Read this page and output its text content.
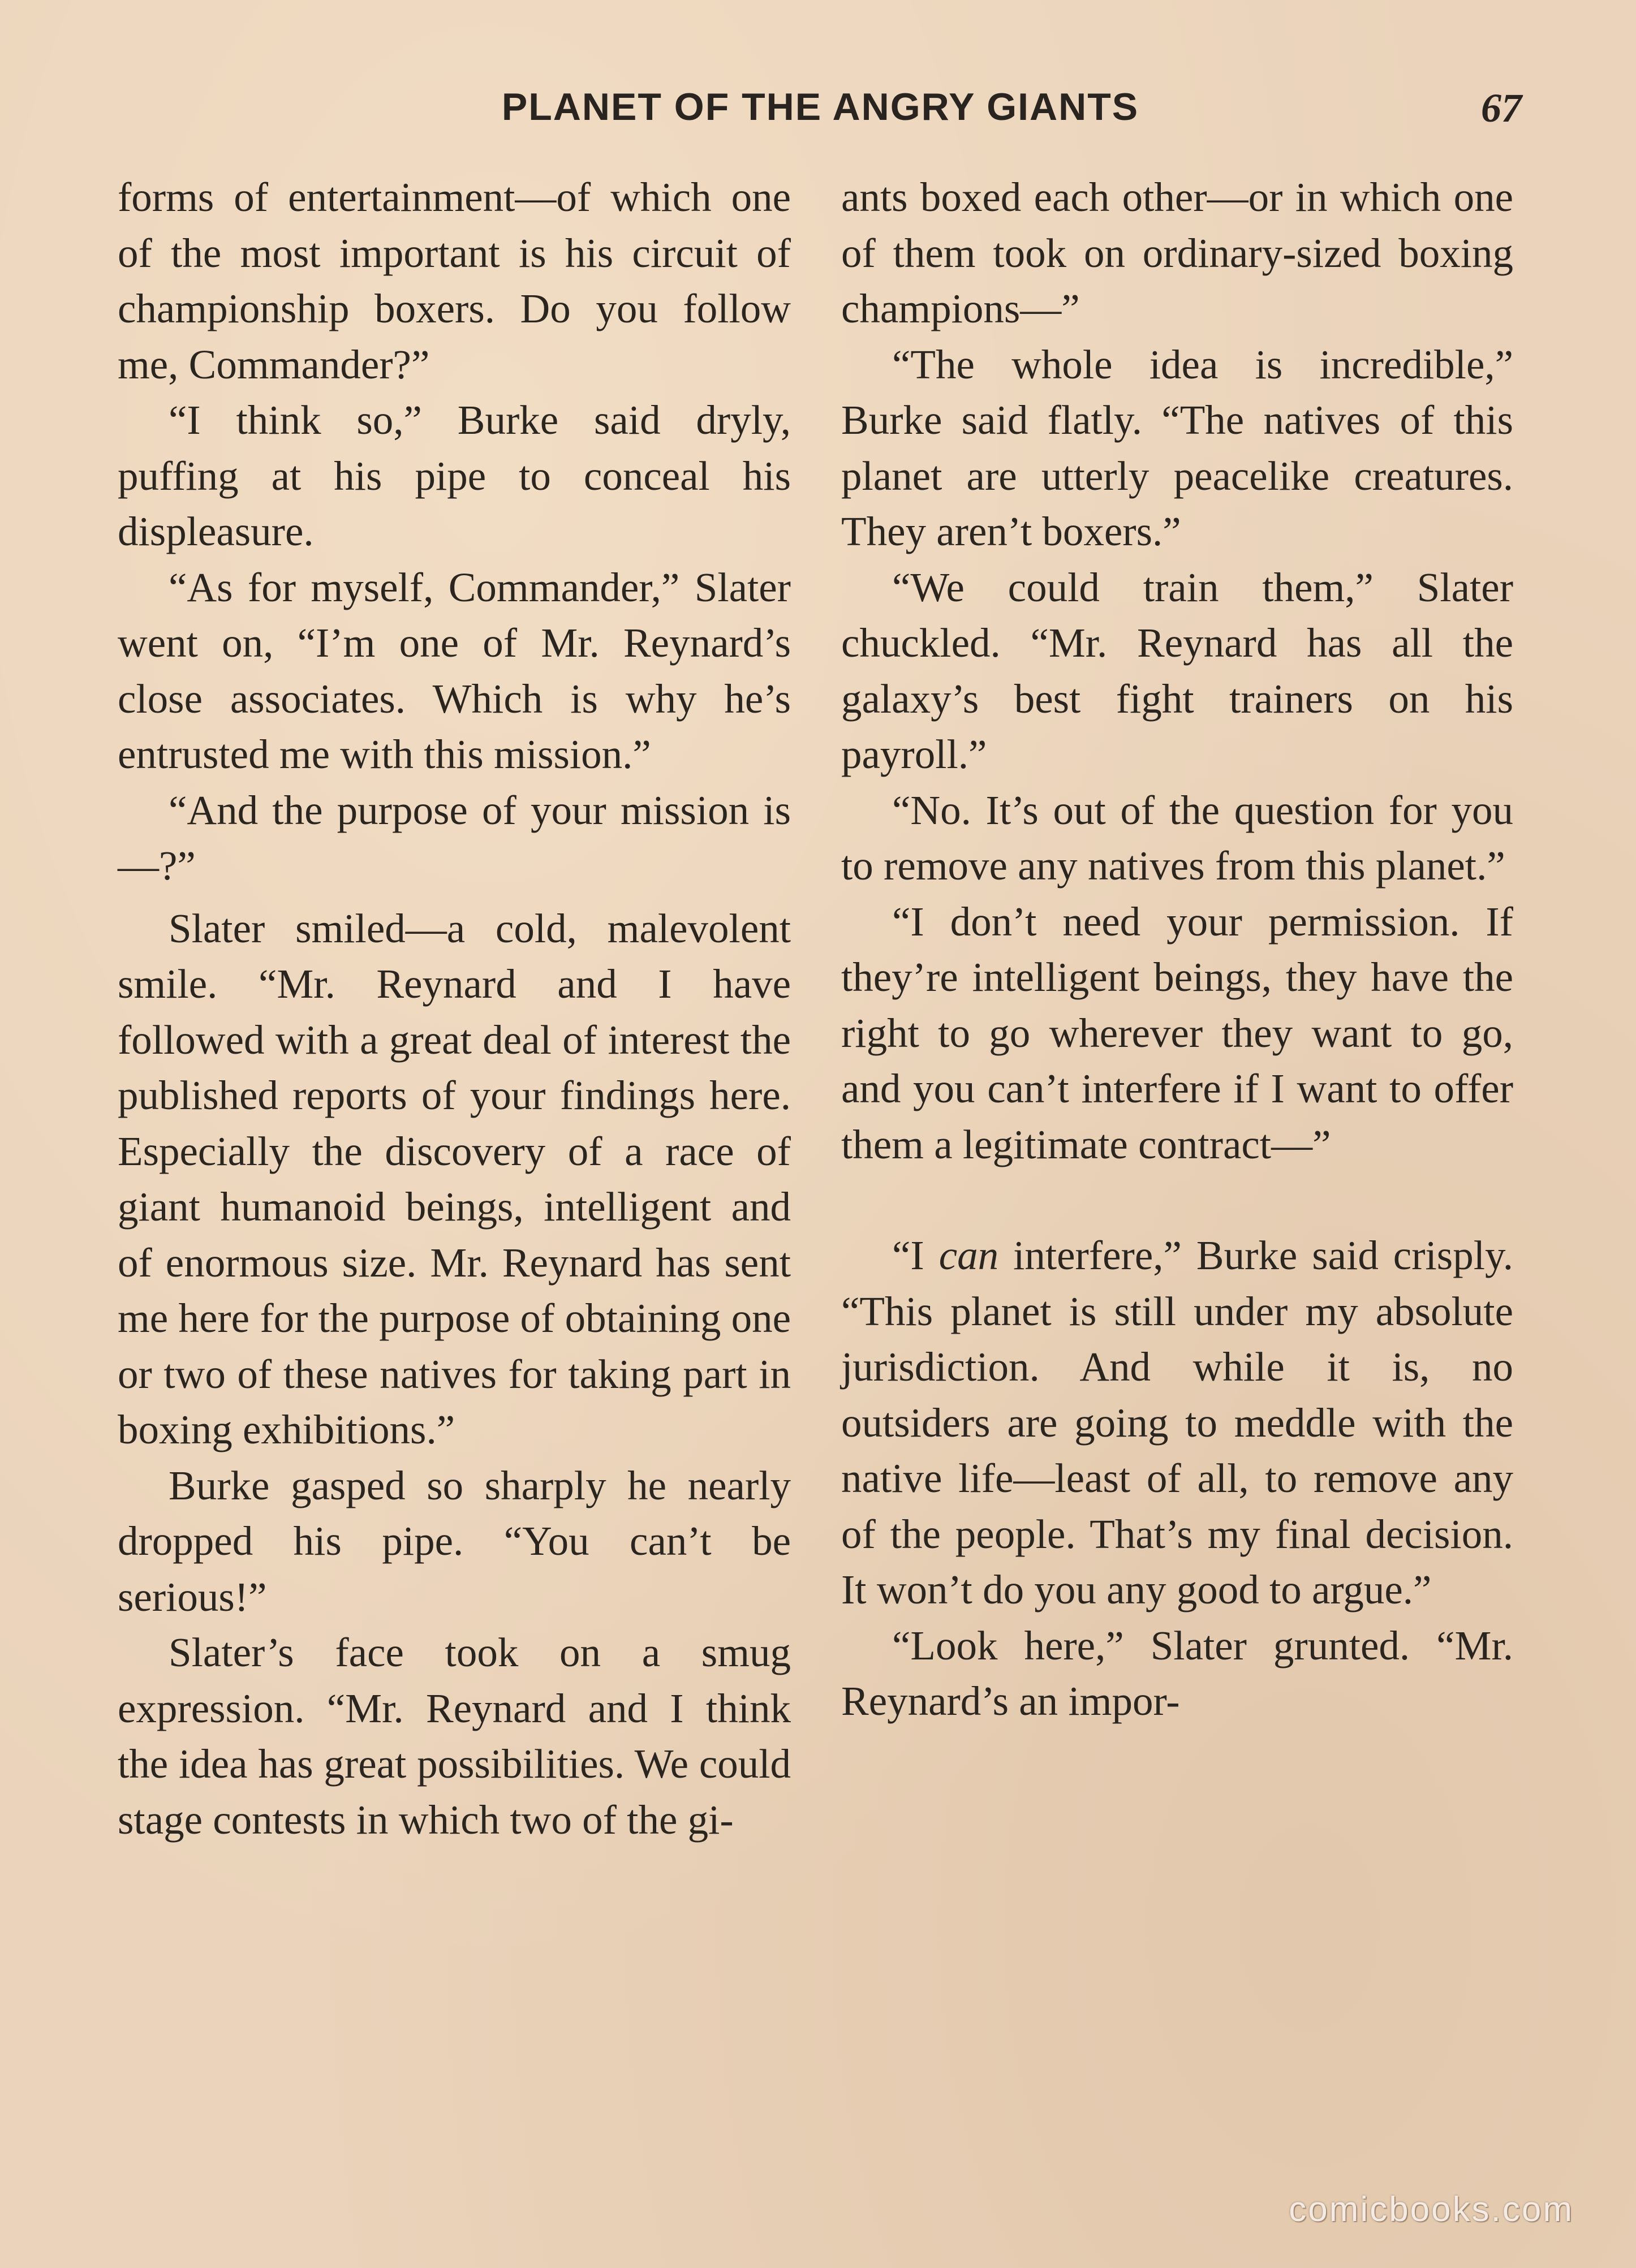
PLANET OF THE ANGRY GIANTS	67

forms of entertainment—of which one of the most important is his circuit of championship boxers. Do you follow me, Commander?”

“I think so,” Burke said dryly, puffing at his pipe to conceal his displeasure.

“As for myself, Commander,” Slater went on, “I’m one of Mr. Reynard’s close associates. Which is why he’s entrusted me with this mission.”

“And the purpose of your mission is—?”

Slater smiled—a cold, malevolent smile. “Mr. Reynard and I have followed with a great deal of interest the published reports of your findings here. Especially the discovery of a race of giant humanoid beings, intelligent and of enormous size. Mr. Reynard has sent me here for the purpose of obtaining one or two of these natives for taking part in boxing exhibitions.”

Burke gasped so sharply he nearly dropped his pipe. “You can’t be serious!”

Slater’s face took on a smug expression. “Mr. Reynard and I think the idea has great possibilities. We could stage contests in which two of the gi-

ants boxed each other—or in which one of them took on ordinary-sized boxing champions—”

“The whole idea is incredible,” Burke said flatly. “The natives of this planet are utterly peacelike creatures. They aren’t boxers.”

“We could train them,” Slater chuckled. “Mr. Reynard has all the galaxy’s best fight trainers on his payroll.”

“No. It’s out of the question for you to remove any natives from this planet.”

“I don’t need your permission. If they’re intelligent beings, they have the right to go wherever they want to go, and you can’t interfere if I want to offer them a legitimate contract—”

“I can interfere,” Burke said crisply. “This planet is still under my absolute jurisdiction. And while it is, no outsiders are going to meddle with the native life—least of all, to remove any of the people. That’s my final decision. It won’t do you any good to argue.”

“Look here,” Slater grunted. “Mr. Reynard’s an impor-

comicbooks.com
